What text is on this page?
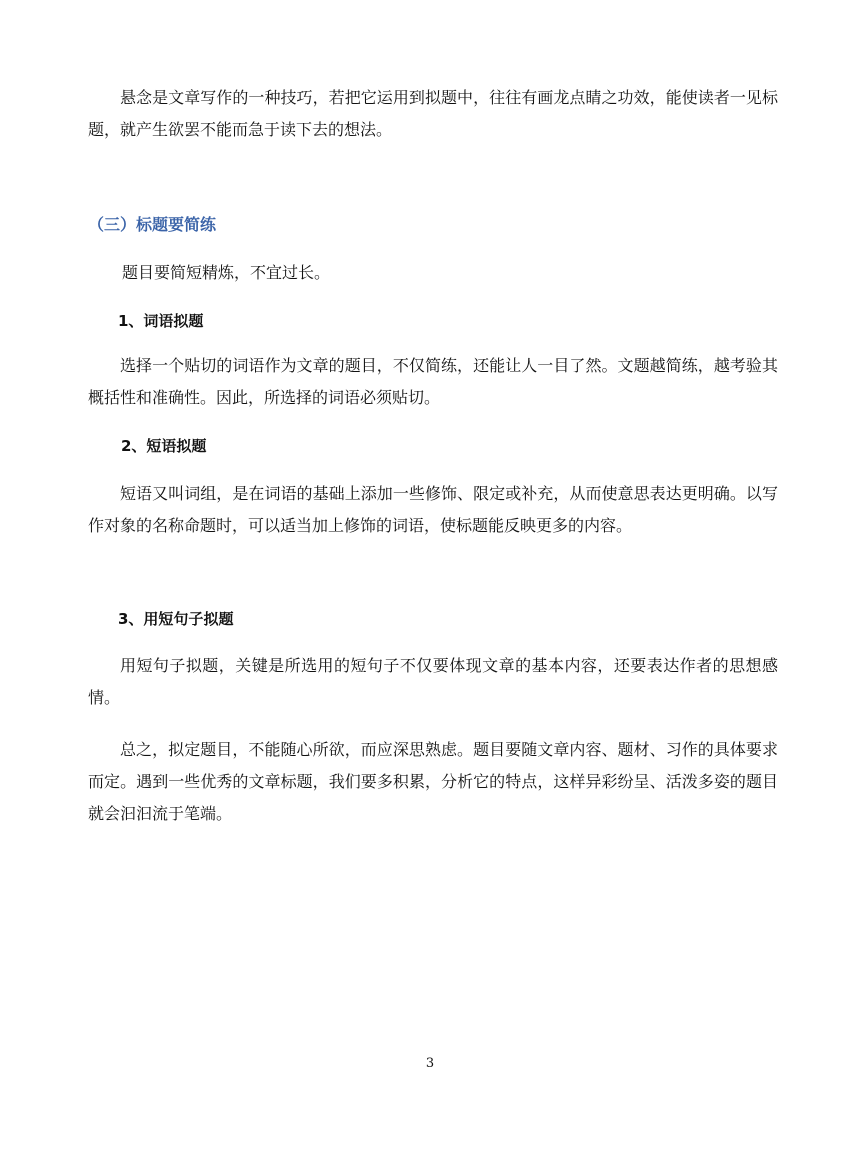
悬念是文章写作的一种技巧，若把它运用到拟题中，往往有画龙点睛之功效，能使读者一见标题，就产生欲罢不能而急于读下去的想法。

（三）标题要简练

题目要简短精炼，不宜过长。

1、词语拟题

选择一个贴切的词语作为文章的题目，不仅简练，还能让人一目了然。文题越简练，越考验其概括性和准确性。因此，所选择的词语必须贴切。

2、短语拟题

短语又叫词组，是在词语的基础上添加一些修饰、限定或补充，从而使意思表达更明确。以写作对象的名称命题时，可以适当加上修饰的词语，使标题能反映更多的内容。

3、用短句子拟题

用短句子拟题，关键是所选用的短句子不仅要体现文章的基本内容，还要表达作者的思想感情。

总之，拟定题目，不能随心所欲，而应深思熟虑。题目要随文章内容、题材、习作的具体要求而定。遇到一些优秀的文章标题，我们要多积累，分析它的特点，这样异彩纷呈、活泼多姿的题目就会汩汩流于笔端。

3
